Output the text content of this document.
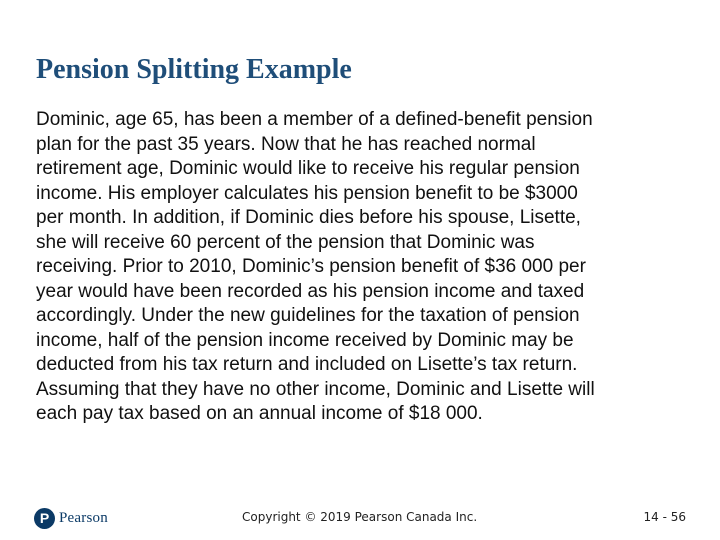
Pension Splitting Example
Dominic, age 65, has been a member of a defined-benefit pension
plan for the past 35 years. Now that he has reached normal
retirement age, Dominic would like to receive his regular pension
income. His employer calculates his pension benefit to be $3000
per month. In addition, if Dominic dies before his spouse, Lisette,
she will receive 60 percent of the pension that Dominic was
receiving. Prior to 2010, Dominic’s pension benefit of $36 000 per
year would have been recorded as his pension income and taxed
accordingly. Under the new guidelines for the taxation of pension
income, half of the pension income received by Dominic may be
deducted from his tax return and included on Lisette’s tax return.
Assuming that they have no other income, Dominic and Lisette will
each pay tax based on an annual income of $18 000.
P Pearson	Copyright © 2019 Pearson Canada Inc.	14 - 56
